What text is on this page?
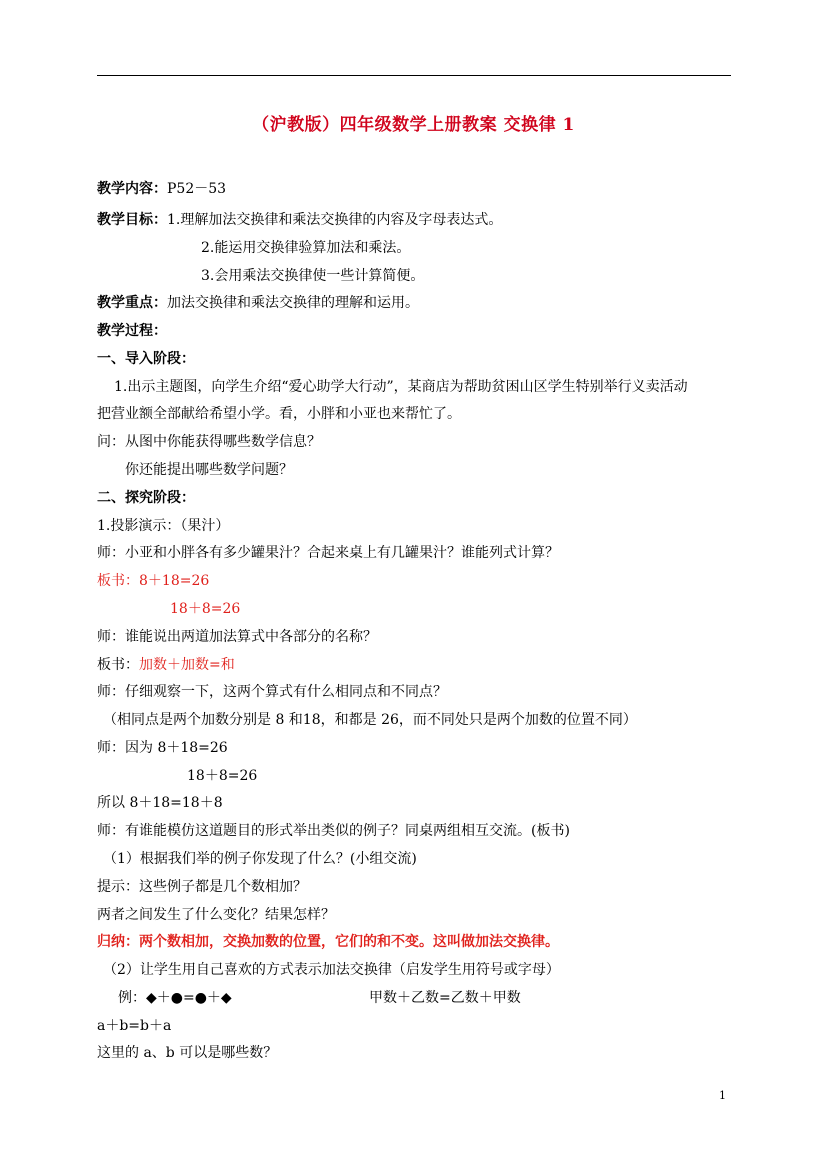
（沪教版）四年级数学上册教案 交换律 1
教学内容：P52－53
教学目标：1.理解加法交换律和乘法交换律的内容及字母表达式。
2.能运用交换律验算加法和乘法。
3.会用乘法交换律使一些计算简便。
教学重点：加法交换律和乘法交换律的理解和运用。
教学过程：
一、导入阶段：
1.出示主题图，向学生介绍“爱心助学大行动”，某商店为帮助贫困山区学生特别举行义卖活动
把营业额全部献给希望小学。看，小胖和小亚也来帮忙了。
问：从图中你能获得哪些数学信息？
你还能提出哪些数学问题？
二、探究阶段：
1.投影演示：（果汁）
师：小亚和小胖各有多少罐果汁？合起来桌上有几罐果汁？谁能列式计算？
板书：8＋18=26
18＋8=26
师：谁能说出两道加法算式中各部分的名称？
板书：加数＋加数=和
师：仔细观察一下，这两个算式有什么相同点和不同点？
（相同点是两个加数分别是 8 和18，和都是 26，而不同处只是两个加数的位置不同）
师：因为 8＋18=26
18＋8=26
所以 8＋18=18＋8
师：有谁能模仿这道题目的形式举出类似的例子？同桌两组相互交流。(板书)
（1）根据我们举的例子你发现了什么？(小组交流)
提示：这些例子都是几个数相加？
两者之间发生了什么变化？结果怎样？
归纳：两个数相加，交换加数的位置，它们的和不变。这叫做加法交换律。
（2）让学生用自己喜欢的方式表示加法交换律（启发学生用符号或字母）
例：◆＋●=●＋◆	甲数＋乙数=乙数＋甲数
a＋b=b＋a
这里的 a、b 可以是哪些数？
1
